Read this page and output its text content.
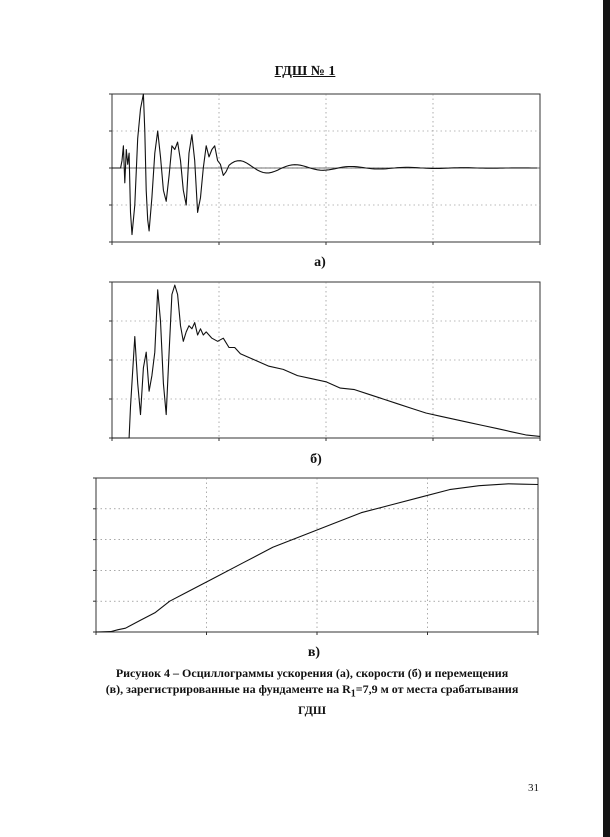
ГДШ № 1
а)
б)
в)
Рисунок 4 – Осциллограммы ускорения (а), скорости (б) и перемещения
(в), зарегистрированные на фундаменте на $R_1=7,9$ м от места срабатывания
ГДШ
31
